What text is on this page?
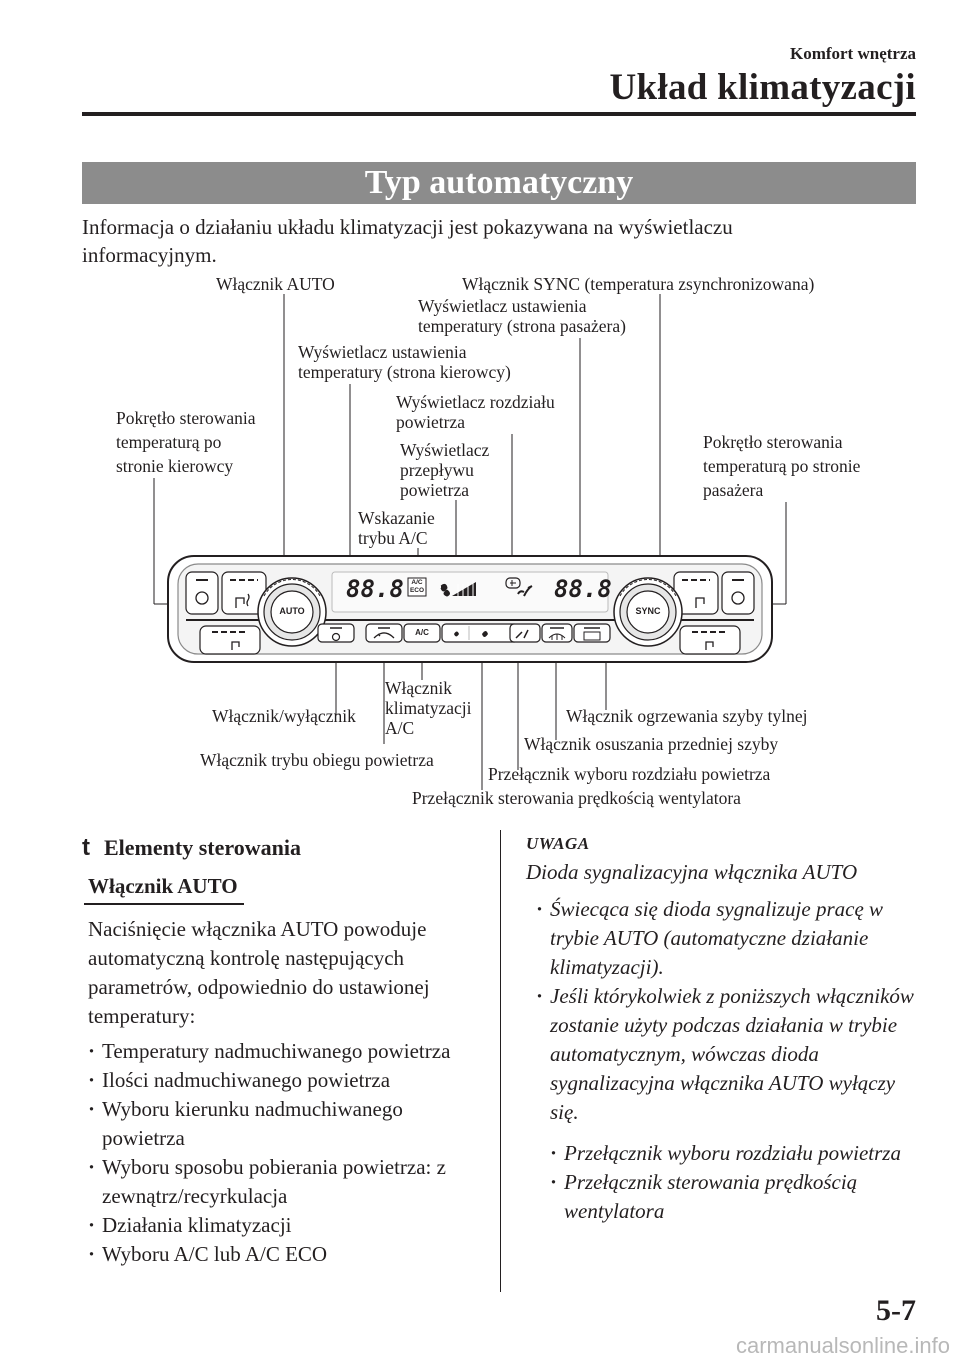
Komfort wnętrza
Układ klimatyzacji
Typ automatyczny
Informacja o działaniu układu klimatyzacji jest pokazywana na wyświetlaczu informacyjnym.
Włącznik AUTO	Włącznik SYNC (temperatura zsynchronizowana)
Wyświetlacz ustawienia
temperatury (strona pasażera)
Wyświetlacz ustawienia
temperatury (strona kierowcy)
Wyświetlacz rozdziału
powietrza
Pokrętło sterowania
temperaturą po
stronie kierowcy
Wyświetlacz
przepływu
powietrza
Pokrętło sterowania
temperaturą po stronie
pasażera
Wskazanie
trybu A/C
Włącznik/wyłącznik
Włącznik
klimatyzacji
A/C
Włącznik ogrzewania szyby tylnej
Włącznik osuszania przedniej szyby
Włącznik trybu obiegu powietrza
Przełącznik wyboru rozdziału powietrza
Przełącznik sterowania prędkością wentylatora
88.8	88.8
A/C
ECO
AUTO	SYNC
A/C
t Elementy sterowania
Włącznik AUTO
Naciśnięcie włącznika AUTO powoduje automatyczną kontrolę następujących parametrów, odpowiednio do ustawionej temperatury:
· Temperatury nadmuchiwanego powietrza
· Ilości nadmuchiwanego powietrza
· Wyboru kierunku nadmuchiwanego powietrza
· Wyboru sposobu pobierania powietrza: z zewnątrz/recyrkulacja
· Działania klimatyzacji
· Wyboru A/C lub A/C ECO
UWAGA
Dioda sygnalizacyjna włącznika AUTO
· Świecąca się dioda sygnalizuje pracę w trybie AUTO (automatyczne działanie klimatyzacji).
· Jeśli którykolwiek z poniższych włączników zostanie użyty podczas działania w trybie automatycznym, wówczas dioda sygnalizacyjna włącznika AUTO wyłączy się.
· Przełącznik wyboru rozdziału powietrza
· Przełącznik sterowania prędkością wentylatora
5-7
carmanualsonline.info
